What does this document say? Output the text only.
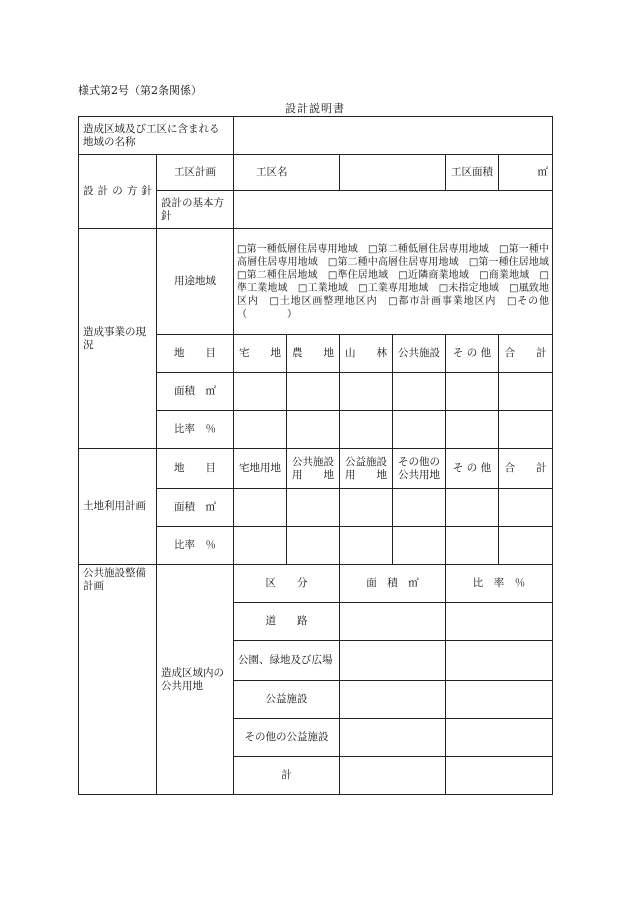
様式第2号（第2条関係）
設計説明書
造成区域及び工区に含まれる地域の名称							
設 計 の 方 針	工区計画	工区名				工区面積	㎡
	設計の基本方針						
造成事業の現況	用途地域	□第一種低層住居専用地域　□第二種低層住居専用地域　□第一種中高層住居専用地域　□第二種中高層住居専用地域　□第一種住居地域　□第二種住居地域　□準住居地域　□近隣商業地域　□商業地域　□準工業地域　□工業地域　□工業専用地域　□未指定地域　□風致地区内　□土地区画整理地区内　□都市計画事業地区内　□その他（　　　　）					
	地　　目	宅　　地	農　　地	山　　林	公共施設	そ の 他	合　　計
	面積　㎡						
	比率　％						
土地利用計画	地　　目	宅地用地	公共施設用　　地	公益施設用　　地	その他の公共用地	そ の 他	合　　計
	面積　㎡						
	比率　％						
公共施設整備計画	造成区域内の公共用地	区　　分		面　積　㎡		比　率　％	
		道　　路					
		公園、緑地及び広場					
		公益施設					
		その他の公益施設					
		計					
